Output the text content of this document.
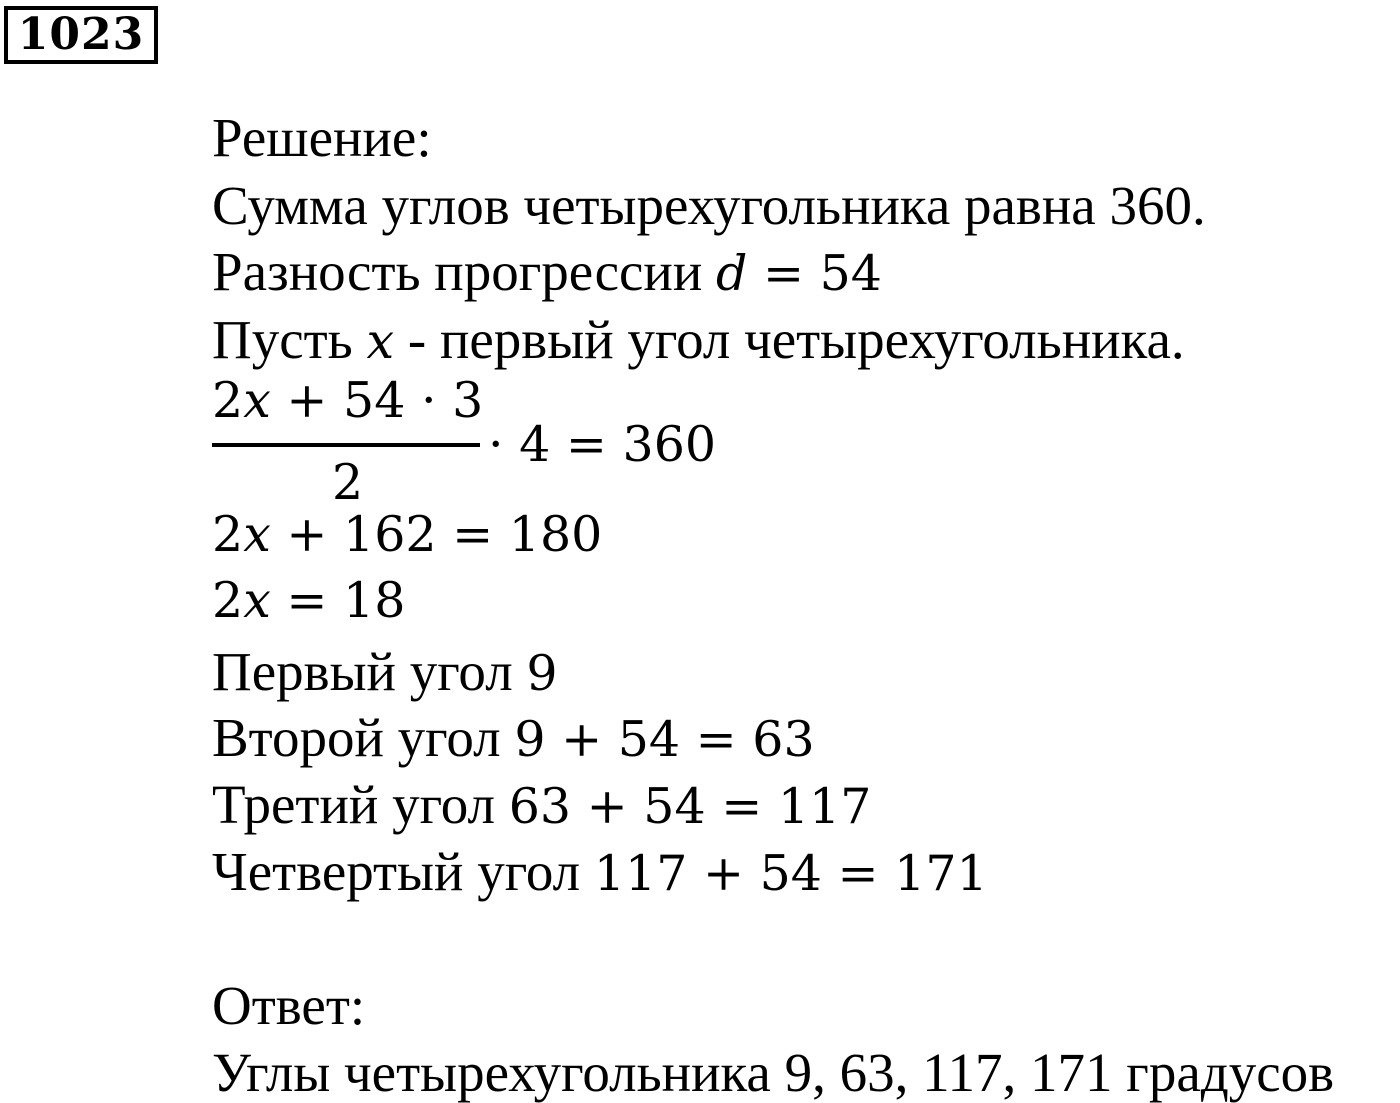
1023
Решение:
Сумма углов четырехугольника равна 360.
Разность прогрессии d = 54
Пусть x - первый угол четырехугольника.
2x + 54 · 3
2
· 4 = 360
2x + 162 = 180
2x = 18
Первый угол 9
Второй угол 9 + 54 = 63
Третий угол 63 + 54 = 117
Четвертый угол 117 + 54 = 171
Ответ:
Углы четырехугольника 9, 63, 117, 171 градусов
